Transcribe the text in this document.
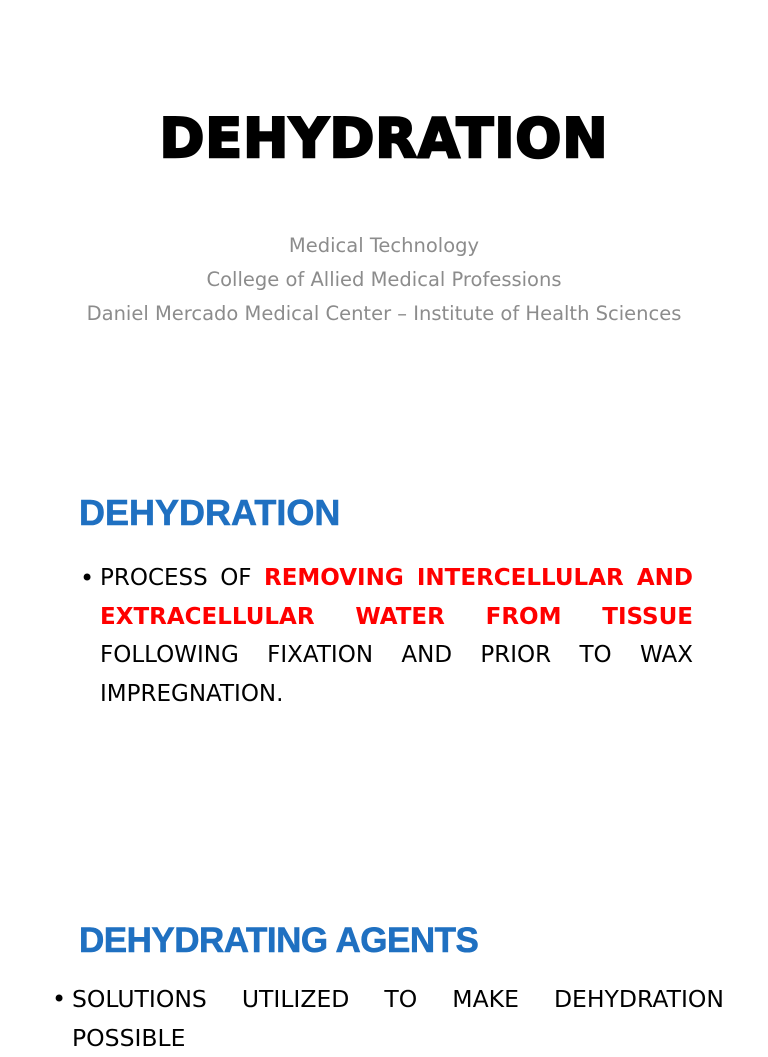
DEHYDRATION
Medical Technology
College of Allied Medical Professions
Daniel Mercado Medical Center – Institute of Health Sciences
DEHYDRATION
• PROCESS OF REMOVING INTERCELLULAR AND EXTRACELLULAR WATER FROM TISSUE FOLLOWING FIXATION AND PRIOR TO WAX IMPREGNATION.
DEHYDRATING AGENTS
• SOLUTIONS UTILIZED TO MAKE DEHYDRATION POSSIBLE
